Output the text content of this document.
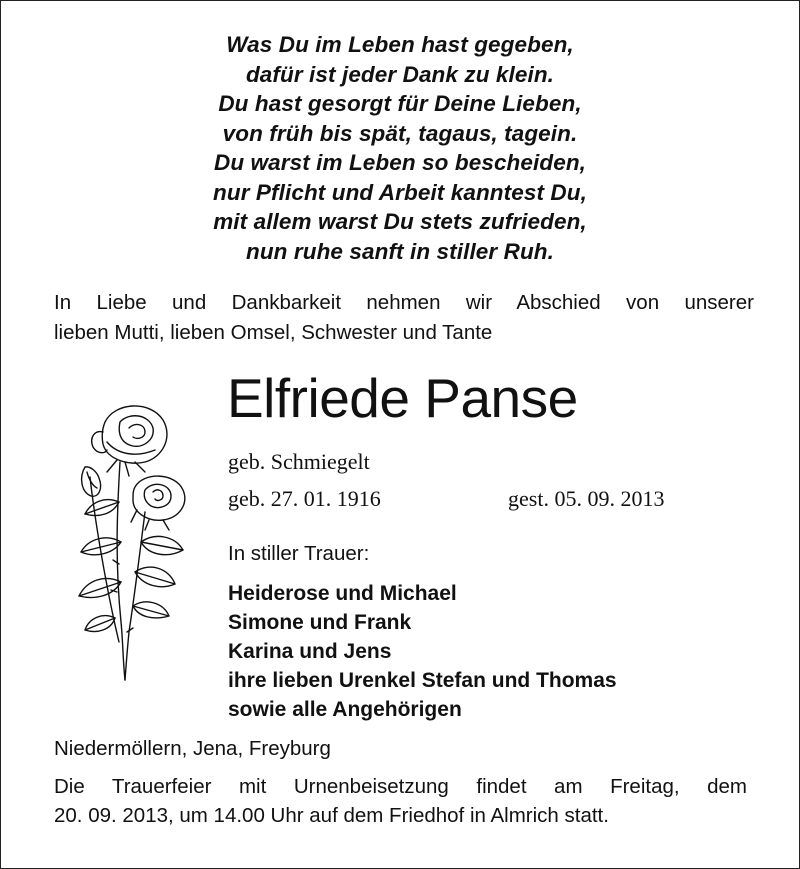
Was Du im Leben hast gegeben,
dafür ist jeder Dank zu klein.
Du hast gesorgt für Deine Lieben,
von früh bis spät, tagaus, tagein.
Du warst im Leben so bescheiden,
nur Pflicht und Arbeit kanntest Du,
mit allem warst Du stets zufrieden,
nun ruhe sanft in stiller Ruh.
In Liebe und Dankbarkeit nehmen wir Abschied von unserer
lieben Mutti, lieben Omsel, Schwester und Tante
Elfriede Panse
geb. Schmiegelt
geb. 27. 01. 1916	gest. 05. 09. 2013
In stiller Trauer:
Heiderose und Michael
Simone und Frank
Karina und Jens
ihre lieben Urenkel Stefan und Thomas
sowie alle Angehörigen
Niedermöllern, Jena, Freyburg
Die Trauerfeier mit Urnenbeisetzung findet am Freitag, dem
20. 09. 2013, um 14.00 Uhr auf dem Friedhof in Almrich statt.
